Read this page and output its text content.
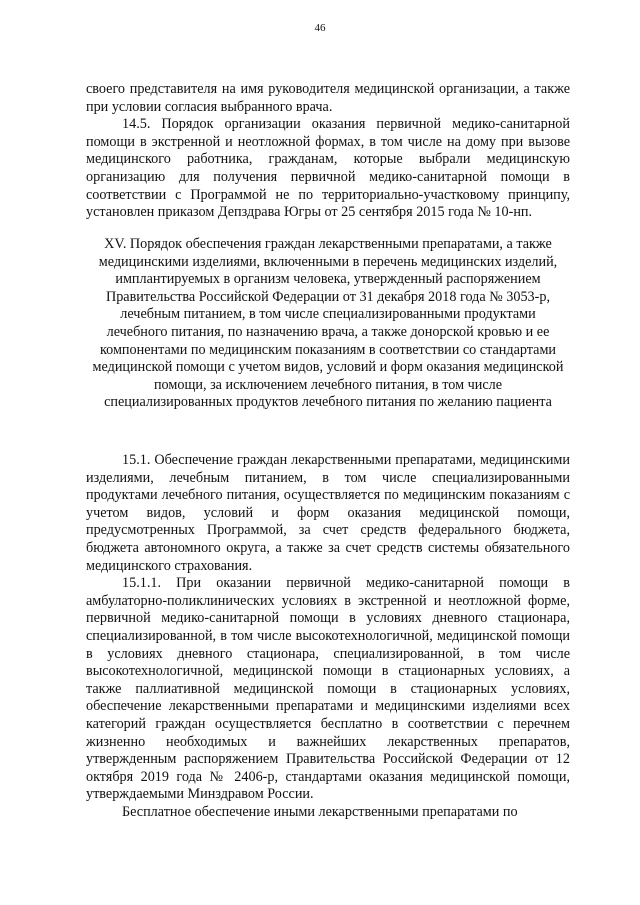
46

своего представителя на имя руководителя медицинской организации, а также при условии согласия выбранного врача.

14.5. Порядок организации оказания первичной медико-санитарной помощи в экстренной и неотложной формах, в том числе на дому при вызове медицинского работника, гражданам, которые выбрали медицинскую организацию для получения первичной медико-санитарной помощи в соответствии с Программой не по территориально-участковому принципу, установлен приказом Депздрава Югры от 25 сентября 2015 года № 10-нп.

XV. Порядок обеспечения граждан лекарственными препаратами, а также медицинскими изделиями, включенными в перечень медицинских изделий, имплантируемых в организм человека, утвержденный распоряжением Правительства Российской Федерации от 31 декабря 2018 года № 3053-р, лечебным питанием, в том числе специализированными продуктами лечебного питания, по назначению врача, а также донорской кровью и ее компонентами по медицинским показаниям в соответствии со стандартами медицинской помощи с учетом видов, условий и форм оказания медицинской помощи, за исключением лечебного питания, в том числе специализированных продуктов лечебного питания по желанию пациента

15.1. Обеспечение граждан лекарственными препаратами, медицинскими изделиями, лечебным питанием, в том числе специализированными продуктами лечебного питания, осуществляется по медицинским показаниям с учетом видов, условий и форм оказания медицинской помощи, предусмотренных Программой, за счет средств федерального бюджета, бюджета автономного округа, а также за счет средств системы обязательного медицинского страхования.

15.1.1. При оказании первичной медико-санитарной помощи в амбулаторно-поликлинических условиях в экстренной и неотложной форме, первичной медико-санитарной помощи в условиях дневного стационара, специализированной, в том числе высокотехнологичной, медицинской помощи в условиях дневного стационара, специализированной, в том числе высокотехнологичной, медицинской помощи в стационарных условиях, а также паллиативной медицинской помощи в стационарных условиях, обеспечение лекарственными препаратами и медицинскими изделиями всех категорий граждан осуществляется бесплатно в соответствии с перечнем жизненно необходимых и важнейших лекарственных препаратов, утвержденным распоряжением Правительства Российской Федерации от 12 октября 2019 года № 2406-р, стандартами оказания медицинской помощи, утверждаемыми Минздравом России.

Бесплатное обеспечение иными лекарственными препаратами по
